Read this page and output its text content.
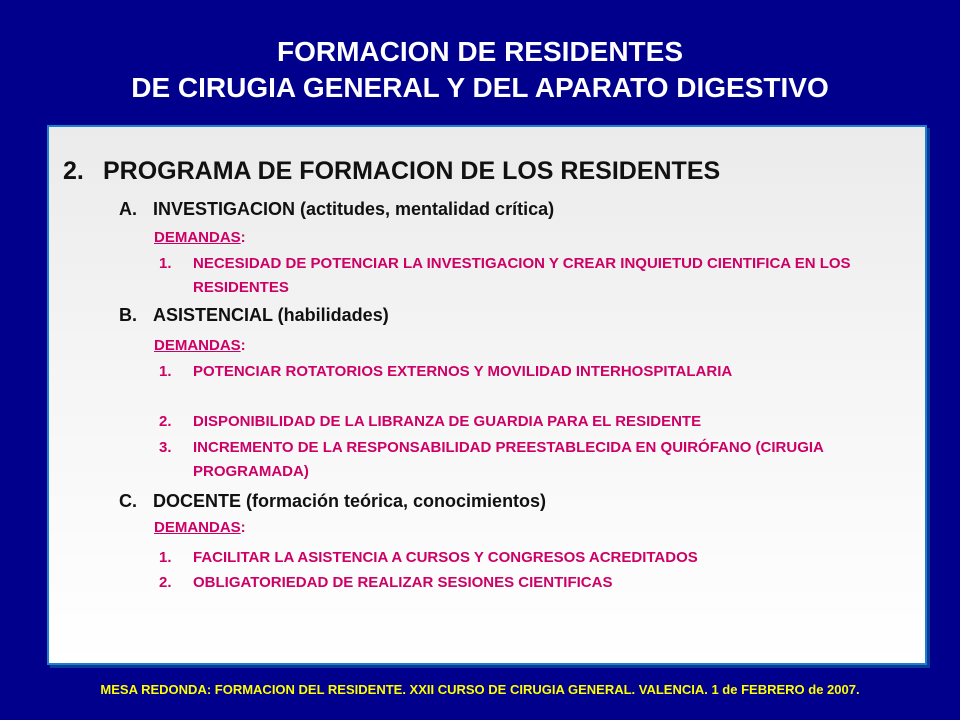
FORMACION DE RESIDENTES
DE CIRUGIA GENERAL Y DEL APARATO DIGESTIVO
2. PROGRAMA DE FORMACION DE LOS RESIDENTES
A. INVESTIGACION (actitudes, mentalidad crítica)
DEMANDAS:
1.	NECESIDAD DE POTENCIAR LA INVESTIGACION Y CREAR INQUIETUD CIENTIFICA EN LOS RESIDENTES
B. ASISTENCIAL (habilidades)
DEMANDAS:
1.	POTENCIAR ROTATORIOS EXTERNOS Y MOVILIDAD INTERHOSPITALARIA
2.	DISPONIBILIDAD DE LA LIBRANZA DE GUARDIA PARA EL RESIDENTE
3.	INCREMENTO DE LA RESPONSABILIDAD PREESTABLECIDA EN QUIRÓFANO (CIRUGIA PROGRAMADA)
C. DOCENTE (formación teórica, conocimientos)
DEMANDAS:
1.	FACILITAR LA ASISTENCIA A CURSOS Y CONGRESOS ACREDITADOS
2.	OBLIGATORIEDAD DE REALIZAR SESIONES CIENTIFICAS
MESA REDONDA: FORMACION DEL RESIDENTE. XXII CURSO DE CIRUGIA GENERAL. VALENCIA. 1 de FEBRERO de 2007.
